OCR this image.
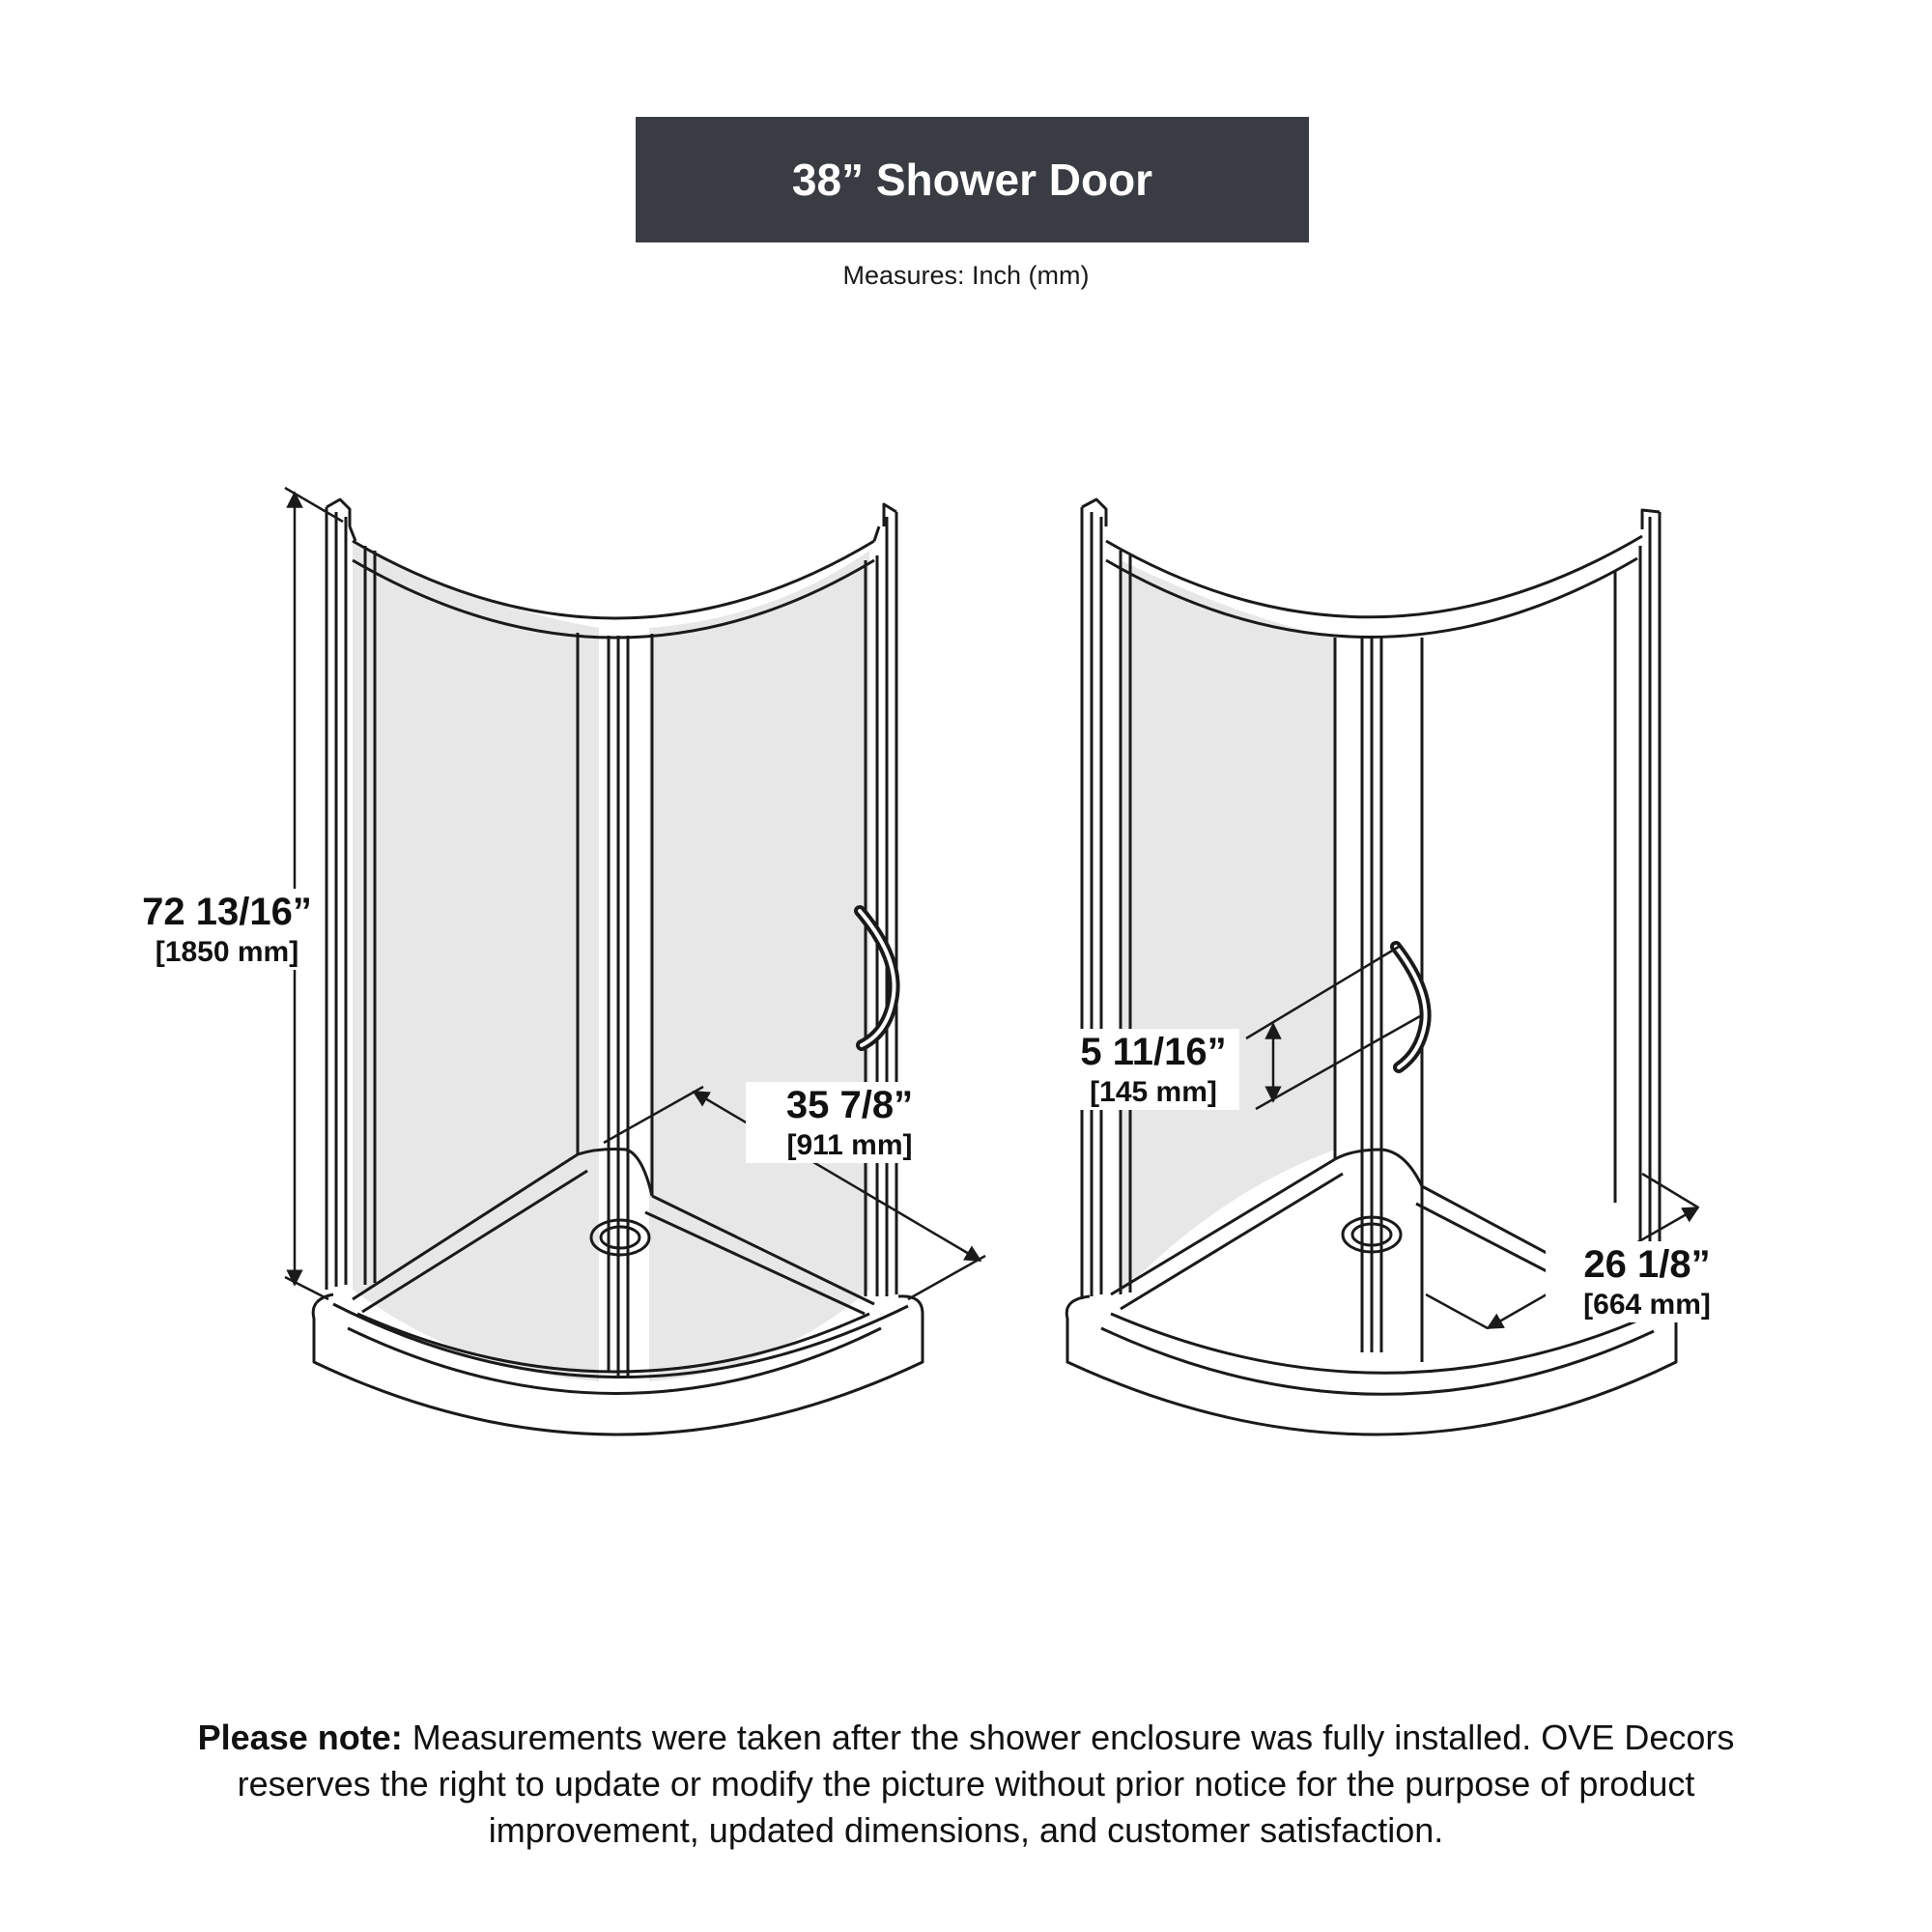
38” Shower Door
Measures: Inch (mm)
72 13/16”
[1850 mm]
35 7/8”
[911 mm]
5 11/16”
[145 mm]
26 1/8”
[664 mm]
Please note: Measurements were taken after the shower enclosure was fully installed. OVE Decors reserves the right to update or modify the picture without prior notice for the purpose of product improvement, updated dimensions, and customer satisfaction.
